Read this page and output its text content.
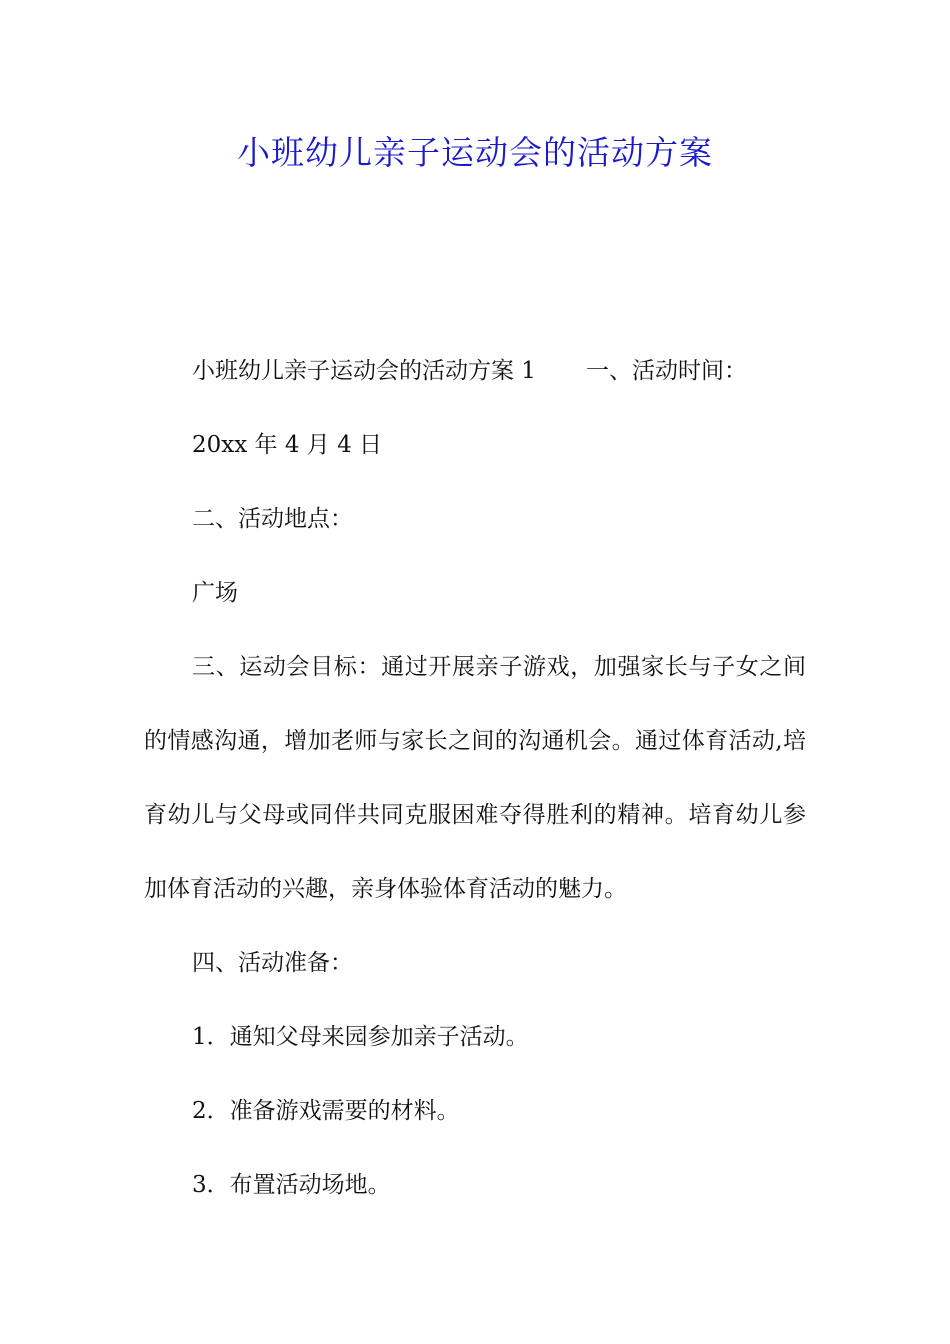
小班幼儿亲子运动会的活动方案
小班幼儿亲子运动会的活动方案 1 一、活动时间：
20xx 年 4 月 4 日
二、活动地点：
广场
三、运动会目标：通过开展亲子游戏，加强家长与子女之间的情感沟通，增加老师与家长之间的沟通机会。通过体育活动,培育幼儿与父母或同伴共同克服困难夺得胜利的精神。培育幼儿参加体育活动的兴趣，亲身体验体育活动的魅力。
四、活动准备：
1．通知父母来园参加亲子活动。
2．准备游戏需要的材料。
3．布置活动场地。
